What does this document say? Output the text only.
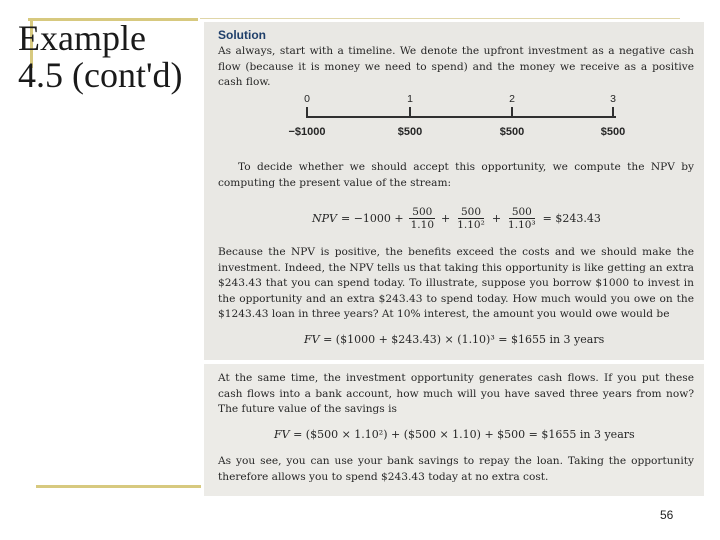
Example
4.5 (cont'd)
Solution
As always, start with a timeline. We denote the upfront investment as a negative cash flow (because it is money we need to spend) and the money we receive as a positive cash flow.
0	1	2	3
−$1000	$500	$500	$500
To decide whether we should accept this opportunity, we compute the NPV by computing the present value of the stream:
NPV = $-1000 + \frac{500}{1.10} + \frac{500}{\text{1.10²}} + \frac{500}{\text{1.10³}}$ = $243.43
Because the NPV is positive, the benefits exceed the costs and we should make the investment. Indeed, the NPV tells us that taking this opportunity is like getting an extra $243.43 that you can spend today. To illustrate, suppose you borrow $1000 to invest in the opportunity and an extra $243.43 to spend today. How much would you owe on the $1243.43 loan in three years? At 10% interest, the amount you would owe would be
FV = ($1000 + $243.43) × (1.10)³ = $1655 in 3 years
At the same time, the investment opportunity generates cash flows. If you put these cash flows into a bank account, how much will you have saved three years from now? The future value of the savings is
FV = ($500 × 1.10²) + ($500 × 1.10) + $500 = $1655 in 3 years
As you see, you can use your bank savings to repay the loan. Taking the opportunity therefore allows you to spend $243.43 today at no extra cost.
56
